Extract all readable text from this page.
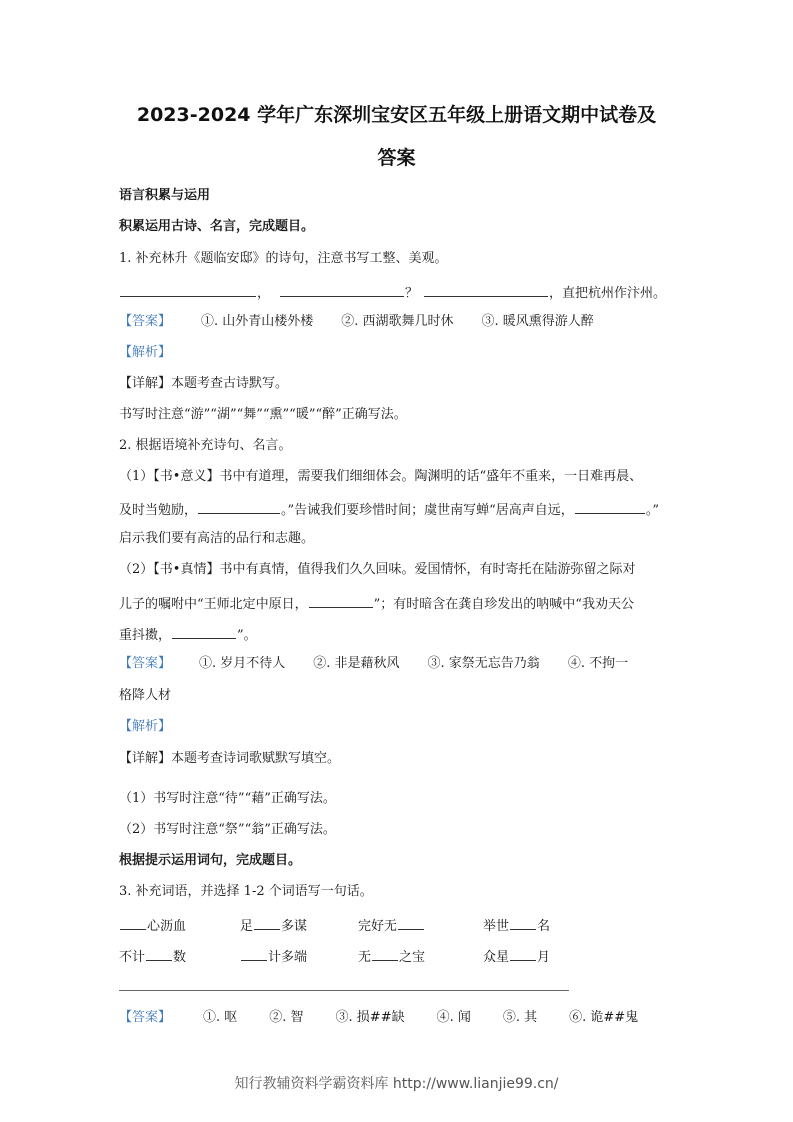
2023-2024 学年广东深圳宝安区五年级上册语文期中试卷及
答案
语言积累与运用
积累运用古诗、名言，完成题目。
1. 补充林升《题临安邸》的诗句，注意书写工整、美观。
，	？	，直把杭州作汴州。
【答案】 ①. 山外青山楼外楼 ②. 西湖歌舞几时休 ③. 暖风熏得游人醉
【解析】
【详解】本题考查古诗默写。
书写时注意“游”“湖”“舞”“熏”“暖”“醉”正确写法。
2. 根据语境补充诗句、名言。
（1）【书•意义】书中有道理，需要我们细细体会。陶渊明的话“盛年不重来，一日难再晨、
及时当勉励，	。”告诫我们要珍惜时间；虞世南写蝉“居高声自远，	。”
启示我们要有高洁的品行和志趣。
（2）【书•真情】书中有真情，值得我们久久回味。爱国情怀，有时寄托在陆游弥留之际对
儿子的嘱咐中“王师北定中原日，	”；有时暗含在龚自珍发出的呐喊中“我劝天公
重抖擞，	”。
【答案】 ①. 岁月不待人 ②. 非是藉秋风 ③. 家祭无忘告乃翁 ④. 不拘一
格降人材
【解析】
【详解】本题考查诗词歌赋默写填空。
（1）书写时注意“待”“藉”正确写法。
（2）书写时注意“祭”“翁”正确写法。
根据提示运用词句，完成题目。
3. 补充词语，并选择 1-2 个词语写一句话。
心沥血	足 多谋	完好无	举世 名
不计 数	计多端	无 之宝	众星 月
【答案】 ①. 呕 ②. 智 ③. 损##缺 ④. 闻 ⑤. 其 ⑥. 诡##鬼
知行教辅资料学霸资料库 http://www.lianjie99.cn/
